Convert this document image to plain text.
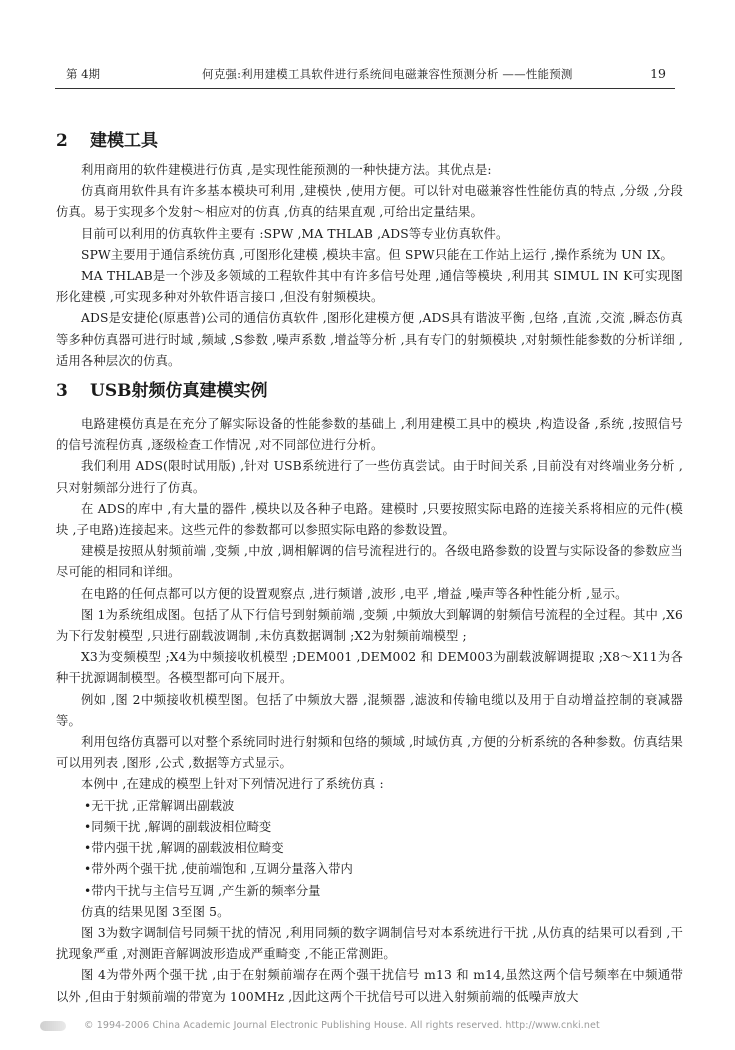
第 4期	何克强:利用建模工具软件进行系统间电磁兼容性预测分析 ——性能预测	19
2 建模工具

利用商用的软件建模进行仿真 ,是实现性能预测的一种快捷方法。其优点是:

仿真商用软件具有许多基本模块可利用 ,建模快 ,使用方便。可以针对电磁兼容性性能仿真的特点 ,分级 ,分段仿真。易于实现多个发射～相应对的仿真 ,仿真的结果直观 ,可给出定量结果。

目前可以利用的仿真软件主要有 :SPW ,MA THLAB ,ADS等专业仿真软件。

SPW主要用于通信系统仿真 ,可图形化建模 ,模块丰富。但 SPW只能在工作站上运行 ,操作系统为 UN IX。

MA THLAB是一个涉及多领域的工程软件其中有许多信号处理 ,通信等模块 ,利用其 SIMUL IN K可实现图形化建模 ,可实现多种对外软件语言接口 ,但没有射频模块。

ADS是安捷伦(原惠普)公司的通信仿真软件 ,图形化建模方便 ,ADS具有谐波平衡 ,包络 ,直流 ,交流 ,瞬态仿真等多种仿真器可进行时域 ,频域 ,S参数 ,噪声系数 ,增益等分析 ,具有专门的射频模块 ,对射频性能参数的分析详细 ,适用各种层次的仿真。

3 USB射频仿真建模实例

电路建模仿真是在充分了解实际设备的性能参数的基础上 ,利用建模工具中的模块 ,构造设备 ,系统 ,按照信号的信号流程仿真 ,逐级检查工作情况 ,对不同部位进行分析。

我们利用 ADS(限时试用版) ,针对 USB系统进行了一些仿真尝试。由于时间关系 ,目前没有对终端业务分析 ,只对射频部分进行了仿真。

在 ADS的库中 ,有大量的器件 ,模块以及各种子电路。建模时 ,只要按照实际电路的连接关系将相应的元件(模块 ,子电路)连接起来。这些元件的参数都可以参照实际电路的参数设置。

建模是按照从射频前端 ,变频 ,中放 ,调相解调的信号流程进行的。各级电路参数的设置与实际设备的参数应当尽可能的相同和详细。

在电路的任何点都可以方便的设置观察点 ,进行频谱 ,波形 ,电平 ,增益 ,噪声等各种性能分析 ,显示。

图 1为系统组成图。包括了从下行信号到射频前端 ,变频 ,中频放大到解调的射频信号流程的全过程。其中 ,X6为下行发射模型 ,只进行副载波调制 ,未仿真数据调制 ;X2为射频前端模型 ;

X3为变频模型 ;X4为中频接收机模型 ;DEM001 ,DEM002 和 DEM003为副载波解调提取 ;X8～X11为各种干扰源调制模型。各模型都可向下展开。

例如 ,图 2中频接收机模型图。包括了中频放大器 ,混频器 ,滤波和传输电缆以及用于自动增益控制的衰减器等。

利用包络仿真器可以对整个系统同时进行射频和包络的频域 ,时域仿真 ,方便的分析系统的各种参数。仿真结果可以用列表 ,图形 ,公式 ,数据等方式显示。

本例中 ,在建成的模型上针对下列情况进行了系统仿真 :

•无干扰 ,正常解调出副载波

•同频干扰 ,解调的副载波相位畸变

•带内强干扰 ,解调的副载波相位畸变

•带外两个强干扰 ,使前端饱和 ,互调分量落入带内

•带内干扰与主信号互调 ,产生新的频率分量

仿真的结果见图 3至图 5。

图 3为数字调制信号同频干扰的情况 ,利用同频的数字调制信号对本系统进行干扰 ,从仿真的结果可以看到 ,干扰现象严重 ,对测距音解调波形造成严重畸变 ,不能正常测距。

图 4为带外两个强干扰 ,由于在射频前端存在两个强干扰信号 m13 和 m14,虽然这两个信号频率在中频通带以外 ,但由于射频前端的带宽为 100MHz ,因此这两个干扰信号可以进入射频前端的低噪声放大

© 1994-2006 China Academic Journal Electronic Publishing House. All rights reserved. http://www.cnki.net
